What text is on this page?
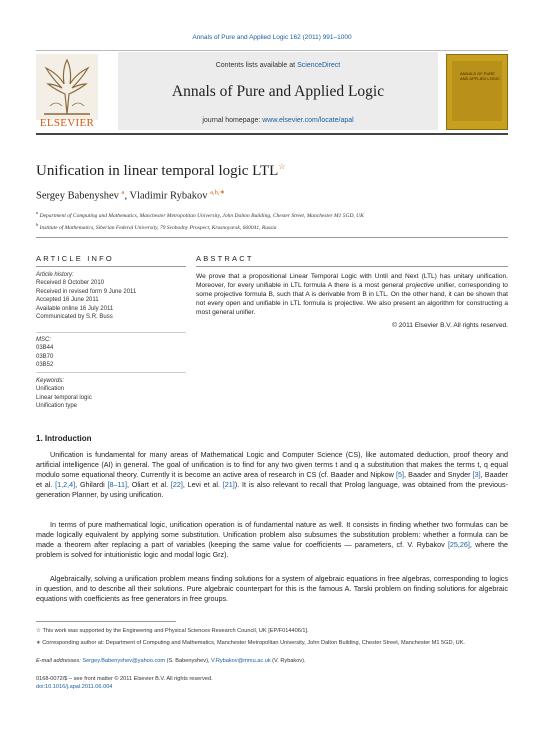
Annals of Pure and Applied Logic 162 (2011) 991–1000
ELSEVIER
Contents lists available at ScienceDirect
Annals of Pure and Applied Logic
journal homepage: www.elsevier.com/locate/apal
ANNALS OF PURE AND APPLIED LOGIC
Unification in linear temporal logic LTL☆
Sergey Babenyshev $^a$, Vladimir Rybakov $^{a,b,∗}$
$^a$ Department of Computing and Mathematics, Manchester Metropolitan University, John Dalton Building, Chester Street, Manchester M1 5GD, UK
$^b$ Institute of Mathematics, Siberian Federal University, 79 Svobodny Prospect, Krasnoyarsk, 660041, Russia
ARTICLE INFO	ABSTRACT
Article history:
Received 8 October 2010
Received in revised form 9 June 2011
Accepted 16 June 2011
Available online 16 July 2011
Communicated by S.R. Buss
MSC:
03B44
03B70
03B52
Keywords:
Unification
Linear temporal logic
Unification type
We prove that a propositional Linear Temporal Logic with Until and Next (LTL) has unitary unification. Moreover, for every unifiable in LTL formula A there is a most general projective unifier, corresponding to some projective formula B, such that A is derivable from B in LTL. On the other hand, it can be shown that not every open and unifiable in LTL formula is projective. We also present an algorithm for constructing a most general unifier.
© 2011 Elsevier B.V. All rights reserved.
1. Introduction
Unification is fundamental for many areas of Mathematical Logic and Computer Science (CS), like automated deduction, proof theory and artificial intelligence (AI) in general. The goal of unification is to find for any two given terms t and q a substitution that makes the terms t, q equal modulo some equational theory. Currently it is become an active area of research in CS (cf. Baader and Nipkow [5], Baader and Snyder [3], Baader et al. [1,2,4], Ghilardi [8–11], Oliart et al. [22], Levi et al. [21]). It is also relevant to recall that Prolog language, was obtained from the previous-generation Planner, by using unification.
In terms of pure mathematical logic, unification operation is of fundamental nature as well. It consists in finding whether two formulas can be made logically equivalent by applying some substitution. Unification problem also subsumes the substitution problem: whether a formula can be made a theorem after replacing a part of variables (keeping the same value for coefficients — parameters, cf. V. Rybakov [25,26], where the problem is solved for intuitionistic logic and modal logic Grz).
Algebraically, solving a unification problem means finding solutions for a system of algebraic equations in free algebras, corresponding to logics in question, and to describe all their solutions. Pure algebraic counterpart for this is the famous A. Tarski problem on finding solutions for algebraic equations with coefficients as free generators in free groups.
☆ This work was supported by the Engineering and Physical Sciences Research Council, UK [EP/F014406/1].
∗ Corresponding author at: Department of Computing and Mathematics, Manchester Metropolitan University, John Dalton Building, Chester Street, Manchester M1 5GD, UK.
E-mail addresses: Sergey.Babenyshev@yahoo.com (S. Babenyshev), V.Rybakov@mmu.ac.uk (V. Rybakov).
0168-0072/$ – see front matter © 2011 Elsevier B.V. All rights reserved.
doi:10.1016/j.apal.2011.06.004
